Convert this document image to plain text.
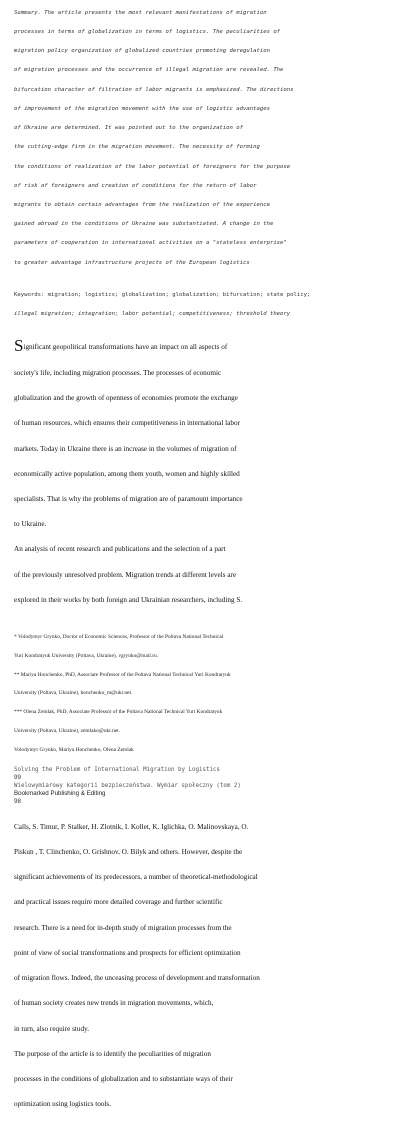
Summary. The article presents the most relevant manifestations of migration

processes in terms of globalization in terms of logistics. The peculiarities of

migration policy organization of globalized countries promoting deregulation

of migration processes and the occurrence of illegal migration are revealed. The

bifurcation character of filtration of labor migrants is emphasized. The directions

of improvement of the migration movement with the use of logistic advantages

of Ukraine are determined. It was pointed out to the organization of

the cutting-edge firm in the migration movement. The necessity of forming

the conditions of realization of the labor potential of foreigners for the purpose

of risk of foreigners and creation of conditions for the return of labor

migrants to obtain certain advantages from the realization of the experience

gained abroad in the conditions of Ukraine was substantiated. A change in the

parameters of cooperation in international activities on a "stateless enterprise"

to greater advantage infrastructure projects of the European logistics

Keywords: migration; logistics; globalization; globalization; bifurcation; state policy;

illegal migration; integration; labor potential; competitiveness; threshold theory

Significant geopolitical transformations have an impact on all aspects of

society's life, including migration processes. The processes of economic

globalization and the growth of openness of economies promote the exchange

of human resources, which ensures their competitiveness in international labor

markets. Today in Ukraine there is an increase in the volumes of migration of

economically active population, among them youth, women and highly skilled

specialists. That is why the problems of migration are of paramount importance

to Ukraine.

An analysis of recent research and publications and the selection of a part

of the previously unresolved problem. Migration trends at different levels are

explored in their works by both foreign and Ukrainian researchers, including S.

* Volodymyr Grynko, Doctor of Economic Sciences, Professor of the Poltava National Technical

Yuri Kondratyuk University (Poltava, Ukraine), vgrynko@mail.ru.

** Mariya Honchenko, PhD, Associate Professor of the Poltava National Technical Yuri Kondratyuk

University (Poltava, Ukraine), honchenko_m@ukr.net.

*** Olena Zemlak, PhD, Associate Professor of the Poltava National Technical Yuri Kondratyuk

University (Poltava, Ukraine), zemlako@ukr.net.

Volodymyr Grynko, Mariya Honchenko, Olena Zemlak

Solving the Problem of International Migration by Logistics
99
Wielowymiarowy kategorii bezpieczeństwa. Wymiar społeczny (tom 2)
Bookmarked Publishing & Editing
98

Calls, S. Timur, P. Stalker, H. Zlotnik, I. Kollet, K. Iglichka, O. Malinovskaya, O.

Piskun , T. Clinchenko, O. Grishnov, O. Bilyk and others. However, despite the

significant achievements of its predecessors, a number of theoretical-methodological

and practical issues require more detailed coverage and further scientific

research. There is a need for in-depth study of migration processes from the

point of view of social transformations and prospects for efficient optimization

of migration flows. Indeed, the unceasing process of development and transformation

of human society creates new trends in migration movements, which,

in turn, also require study.

The purpose of the article is to identify the peculiarities of migration

processes in the conditions of globalization and to substantiate ways of their

optimization using logistics tools.
